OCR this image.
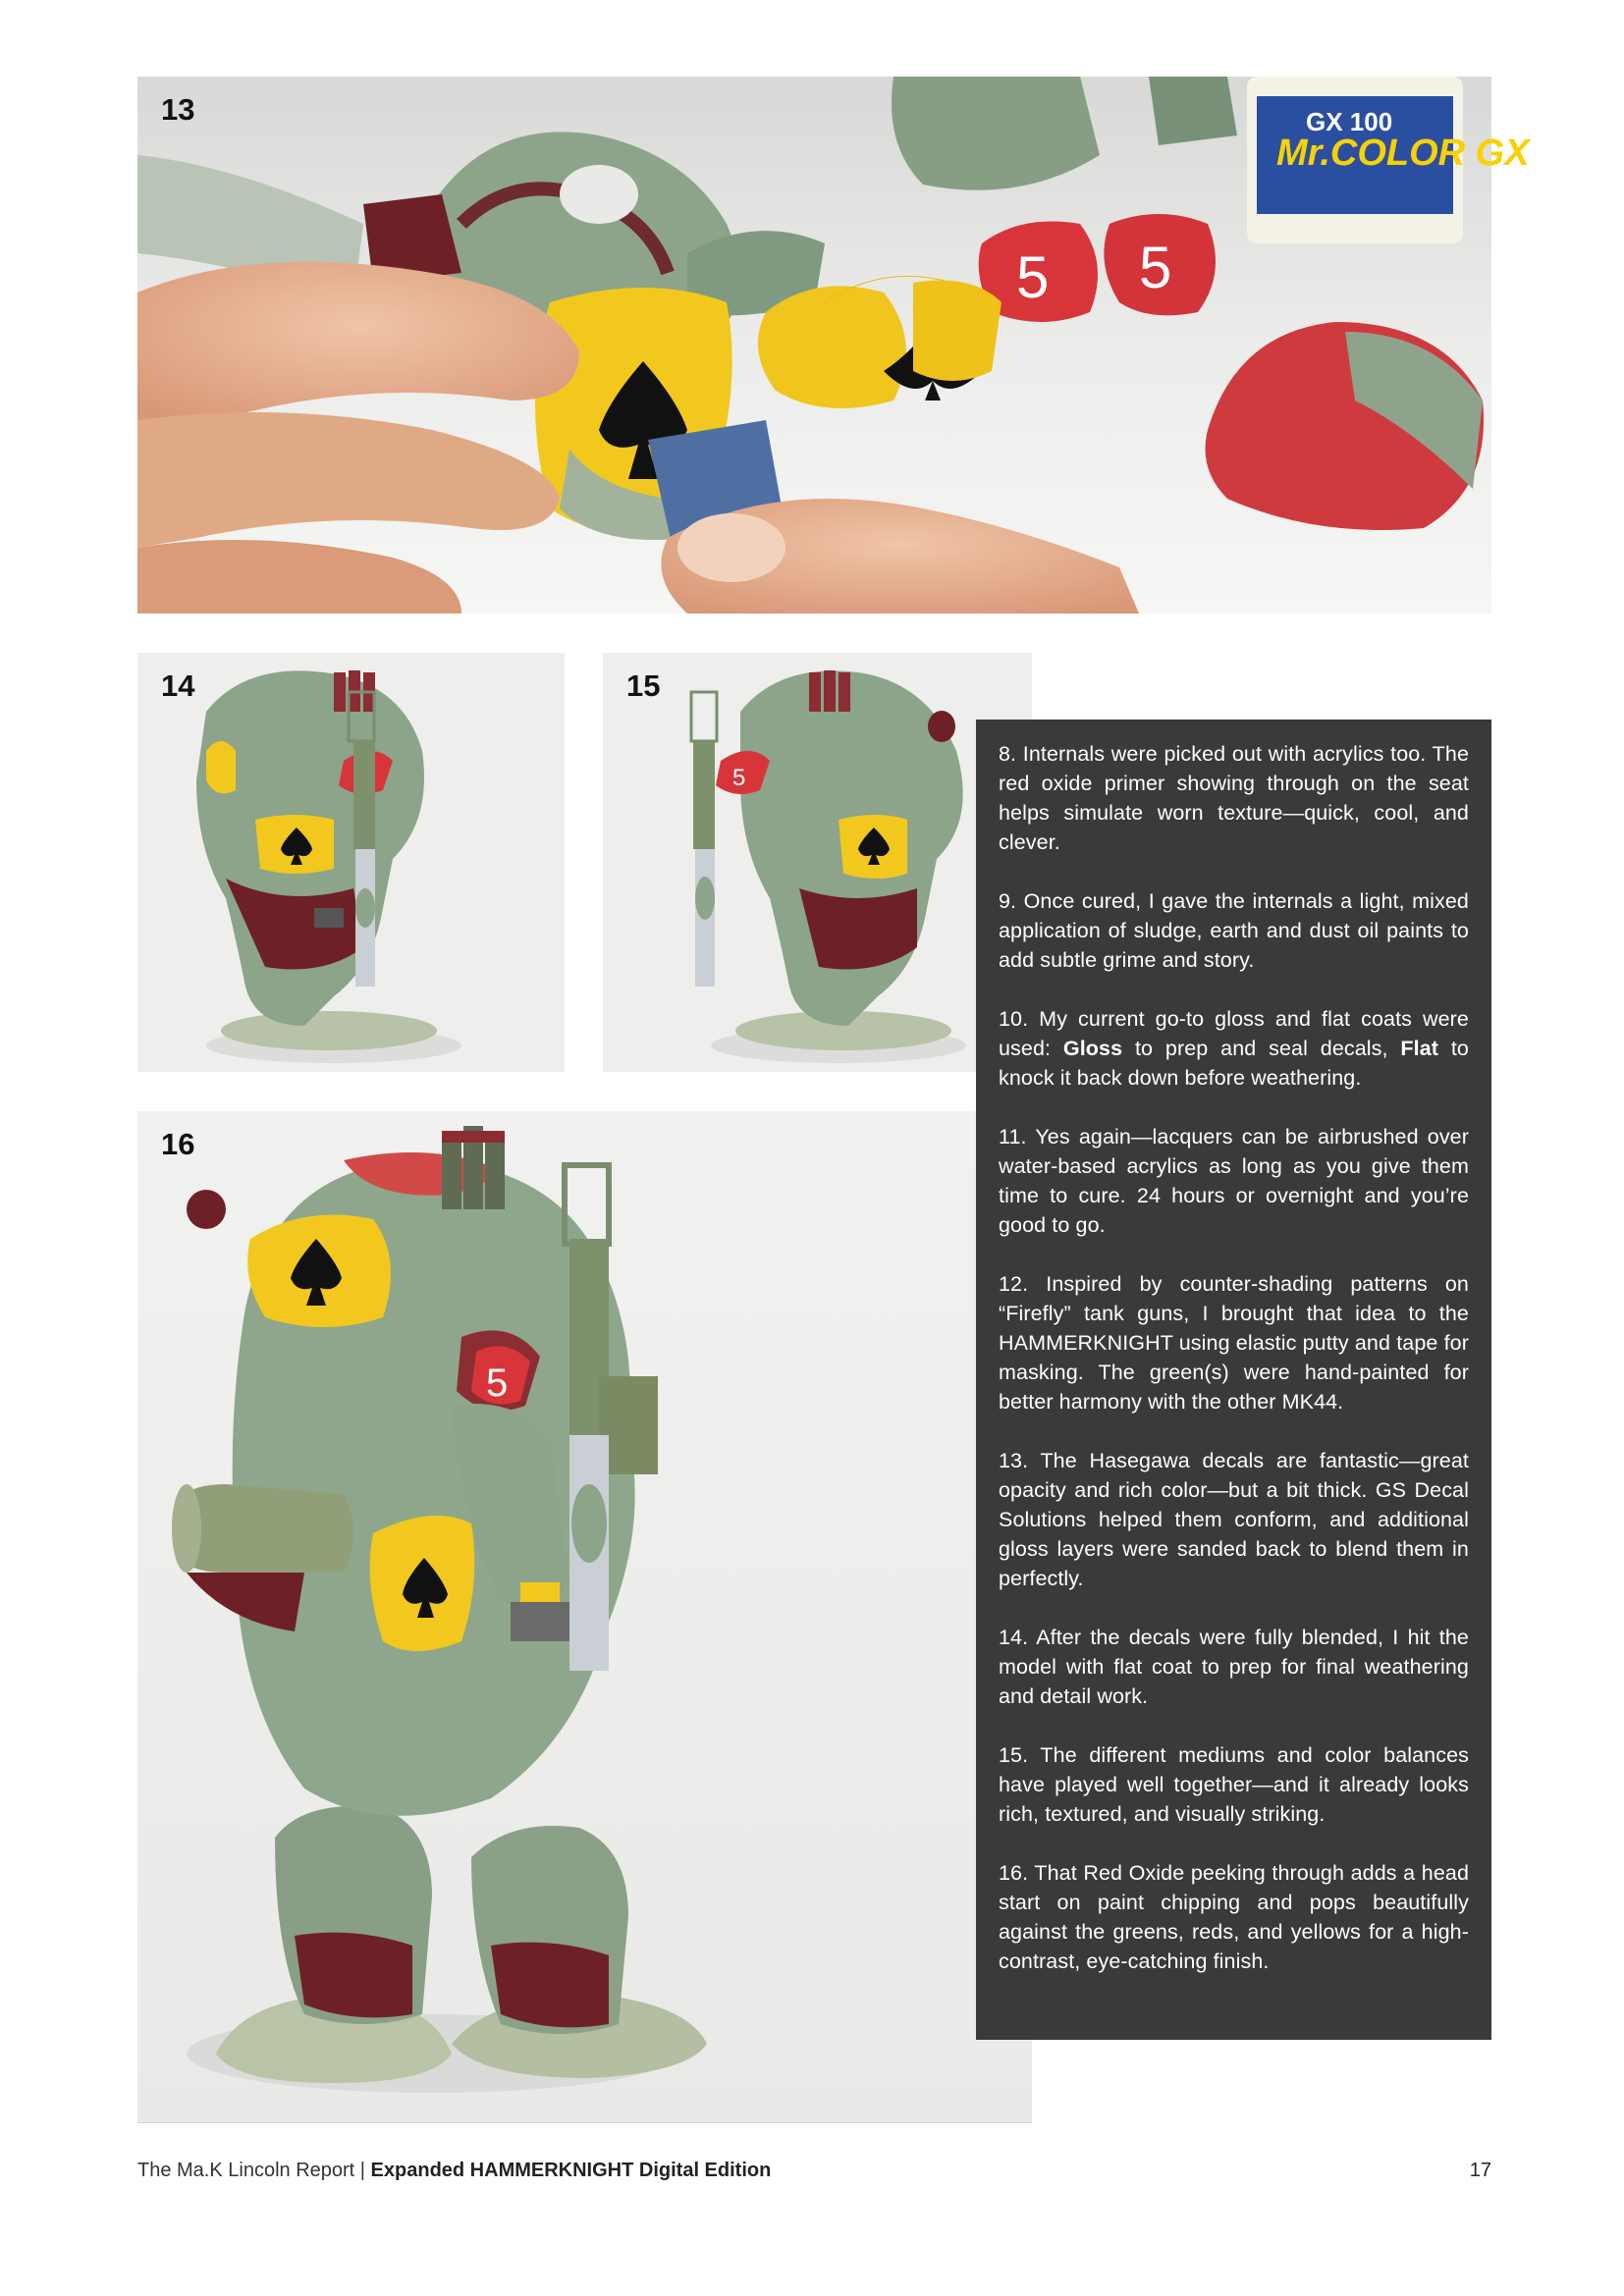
13
Mr.COLOR GX
GX 100
5 5
14	15
5
16
5

8. Internals were picked out with acrylics too. The red oxide primer showing through on the seat helps simulate worn texture—quick, cool, and clever.

9. Once cured, I gave the internals a light, mixed application of sludge, earth and dust oil paints to add subtle grime and story.

10. My current go-to gloss and flat coats were used: Gloss to prep and seal decals, Flat to knock it back down before weathering.

11. Yes again—lacquers can be airbrushed over water-based acrylics as long as you give them time to cure. 24 hours or overnight and you’re good to go.

12. Inspired by counter-shading patterns on “Firefly” tank guns, I brought that idea to the HAMMERKNIGHT using elastic putty and tape for masking. The green(s) were hand-painted for better harmony with the other MK44.

13. The Hasegawa decals are fantastic—great opacity and rich color—but a bit thick. GS Decal Solutions helped them conform, and additional gloss layers were sanded back to blend them in perfectly.

14. After the decals were fully blended, I hit the model with flat coat to prep for final weathering and detail work.

15. The different mediums and color balances have played well together—and it already looks rich, textured, and visually striking.

16. That Red Oxide peeking through adds a head start on paint chipping and pops beautifully against the greens, reds, and yellows for a high-contrast, eye-catching finish.

The Ma.K Lincoln Report | Expanded HAMMERKNIGHT Digital Edition	17
